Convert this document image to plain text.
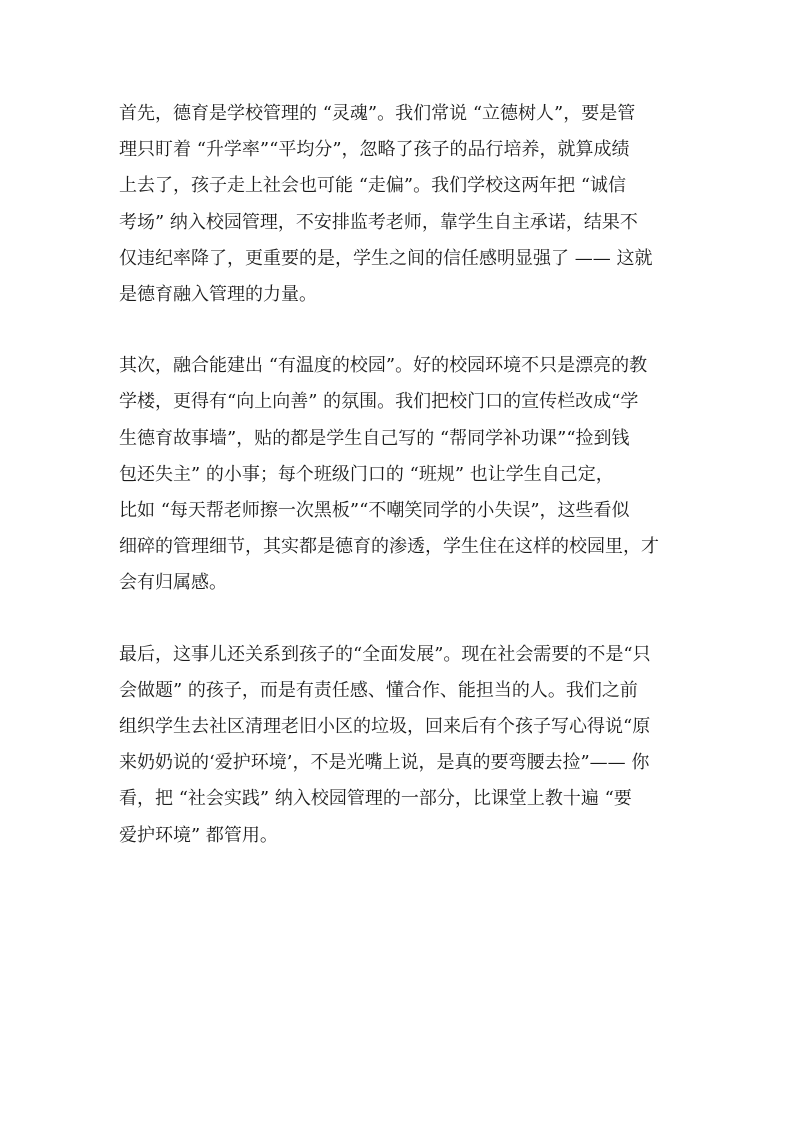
首先，德育是学校管理的 “灵魂”。我们常说 “立德树人”，要是管
理只盯着 “升学率”“平均分”，忽略了孩子的品行培养，就算成绩
上去了，孩子走上社会也可能 “走偏”。我们学校这两年把 “诚信
考场” 纳入校园管理，不安排监考老师，靠学生自主承诺，结果不
仅违纪率降了，更重要的是，学生之间的信任感明显强了 —— 这就
是德育融入管理的力量。

其次，融合能建出 “有温度的校园”。好的校园环境不只是漂亮的教
学楼，更得有“向上向善” 的氛围。我们把校门口的宣传栏改成“学
生德育故事墙”，贴的都是学生自己写的 “帮同学补功课”“捡到钱
包还失主” 的小事；每个班级门口的 “班规” 也让学生自己定，
比如 “每天帮老师擦一次黑板”“不嘲笑同学的小失误”，这些看似
细碎的管理细节，其实都是德育的渗透，学生住在这样的校园里，才
会有归属感。

最后，这事儿还关系到孩子的“全面发展”。现在社会需要的不是“只
会做题” 的孩子，而是有责任感、懂合作、能担当的人。我们之前
组织学生去社区清理老旧小区的垃圾，回来后有个孩子写心得说“原
来奶奶说的‘爱护环境’，不是光嘴上说，是真的要弯腰去捡”—— 你
看，把 “社会实践” 纳入校园管理的一部分，比课堂上教十遍 “要
爱护环境” 都管用。
